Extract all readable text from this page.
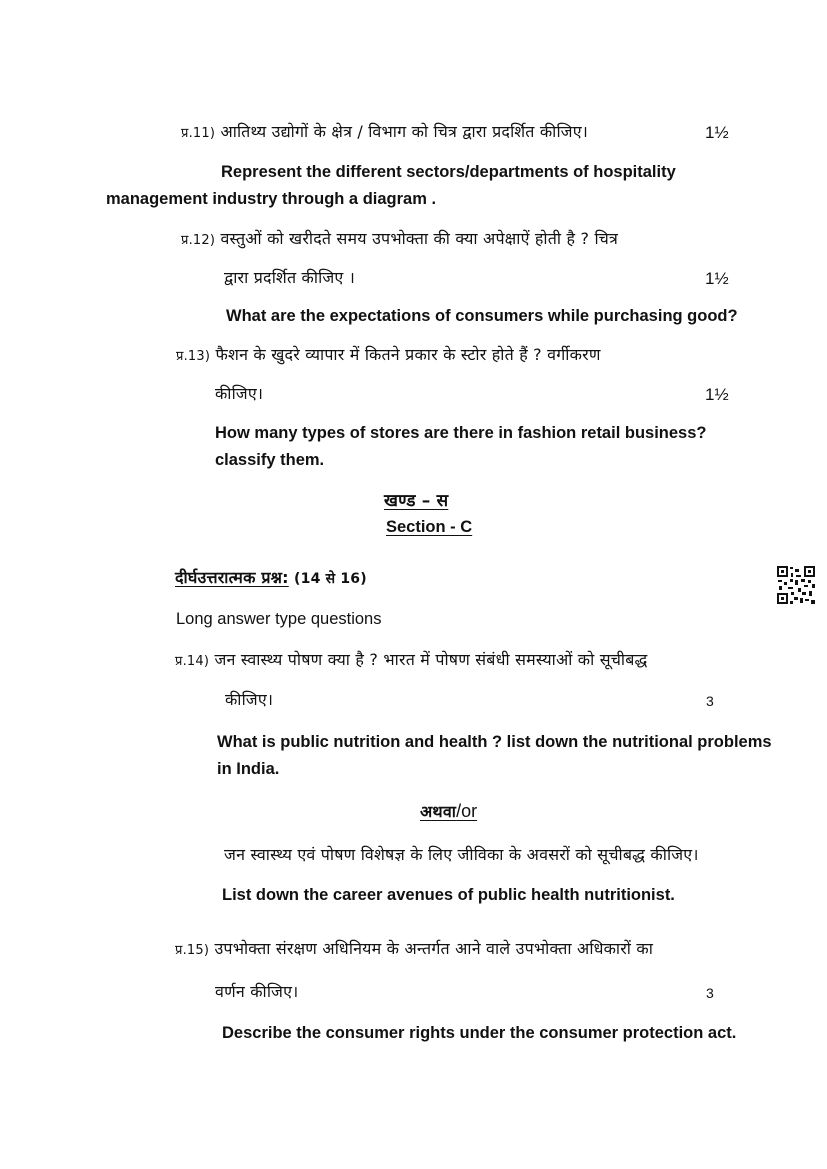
प्र.11) आतिथ्य उद्योगों के क्षेत्र / विभाग को चित्र द्वारा प्रदर्शित कीजिए।	1½
Represent the different sectors/departments of hospitality
management industry through a diagram .
प्र.12) वस्तुओं को खरीदते समय उपभोक्ता की क्या अपेक्षाऐं होती है ? चित्र
द्वारा प्रदर्शित कीजिए ।	1½
What are the expectations of consumers while purchasing good?
प्र.13) फैशन के खुदरे व्यापार में कितने प्रकार के स्टोर होते हैं ? वर्गीकरण
कीजिए।	1½
How many types of stores are there in fashion retail business?
classify them.
खण्ड – स
Section - C
दीर्घउत्तरात्मक प्रश्न: (14 से 16)
Long answer type questions
प्र.14) जन स्वास्थ्य पोषण क्या है ? भारत में पोषण संबंधी समस्याओं को सूचीबद्ध
कीजिए।	3
What is public nutrition and health ? list down the nutritional problems
in India.
अथवा/or
जन स्वास्थ्य एवं पोषण विशेषज्ञ के लिए जीविका के अवसरों को सूचीबद्ध कीजिए।
List down the career avenues of public health nutritionist.
प्र.15) उपभोक्ता संरक्षण अधिनियम के अन्तर्गत आने वाले उपभोक्ता अधिकारों का
वर्णन कीजिए।	3
Describe the consumer rights under the consumer protection act.
